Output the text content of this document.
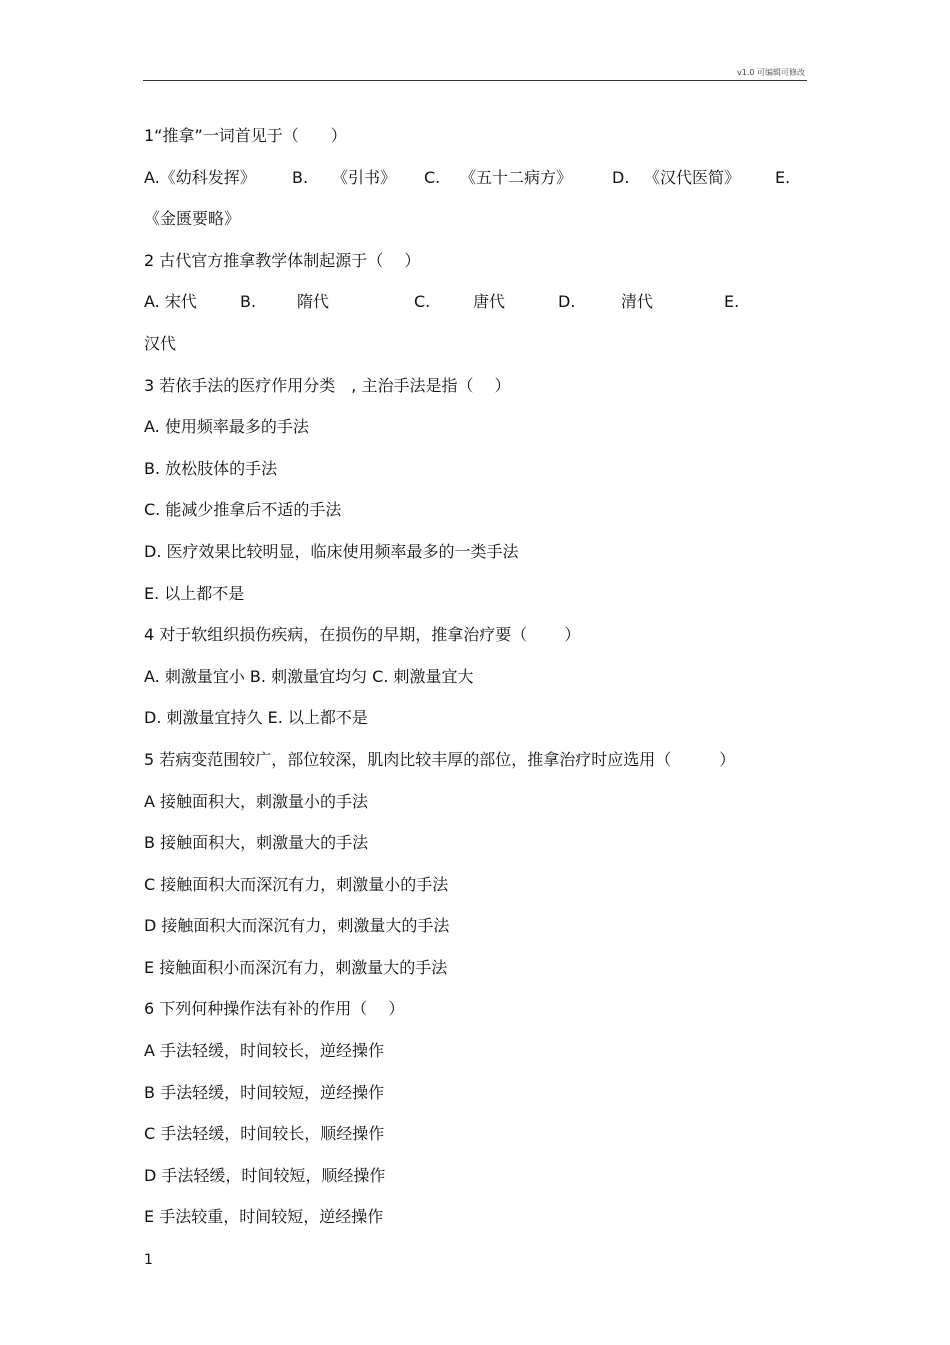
v1.0 可编辑可修改
1“推拿”一词首见于（　　）
A.《幼科发挥》 B. 《引书》 C. 《五十二病方》 D. 《汉代医简》 E.
《金匮要略》
2 古代官方推拿教学体制起源于（　 ）
A. 宋代	B.	隋代	C.	唐代	D.	清代	E.
汉代
3 若依手法的医疗作用分类　, 主治手法是指（　 ）
A. 使用频率最多的手法
B. 放松肢体的手法
C. 能减少推拿后不适的手法
D. 医疗效果比较明显，临床使用频率最多的一类手法
E. 以上都不是
4 对于软组织损伤疾病，在损伤的早期，推拿治疗要（　　 ）
A. 刺激量宜小 B. 刺激量宜均匀 C. 刺激量宜大
D. 刺激量宜持久 E. 以上都不是
5 若病变范围较广，部位较深，肌肉比较丰厚的部位，推拿治疗时应选用（　　　）
A 接触面积大，刺激量小的手法
B 接触面积大，刺激量大的手法
C 接触面积大而深沉有力，刺激量小的手法
D 接触面积大而深沉有力，刺激量大的手法
E 接触面积小而深沉有力，刺激量大的手法
6 下列何种操作法有补的作用（　 ）
A 手法轻缓，时间较长，逆经操作
B 手法轻缓，时间较短，逆经操作
C 手法轻缓，时间较长，顺经操作
D 手法轻缓，时间较短，顺经操作
E 手法较重，时间较短，逆经操作
1
